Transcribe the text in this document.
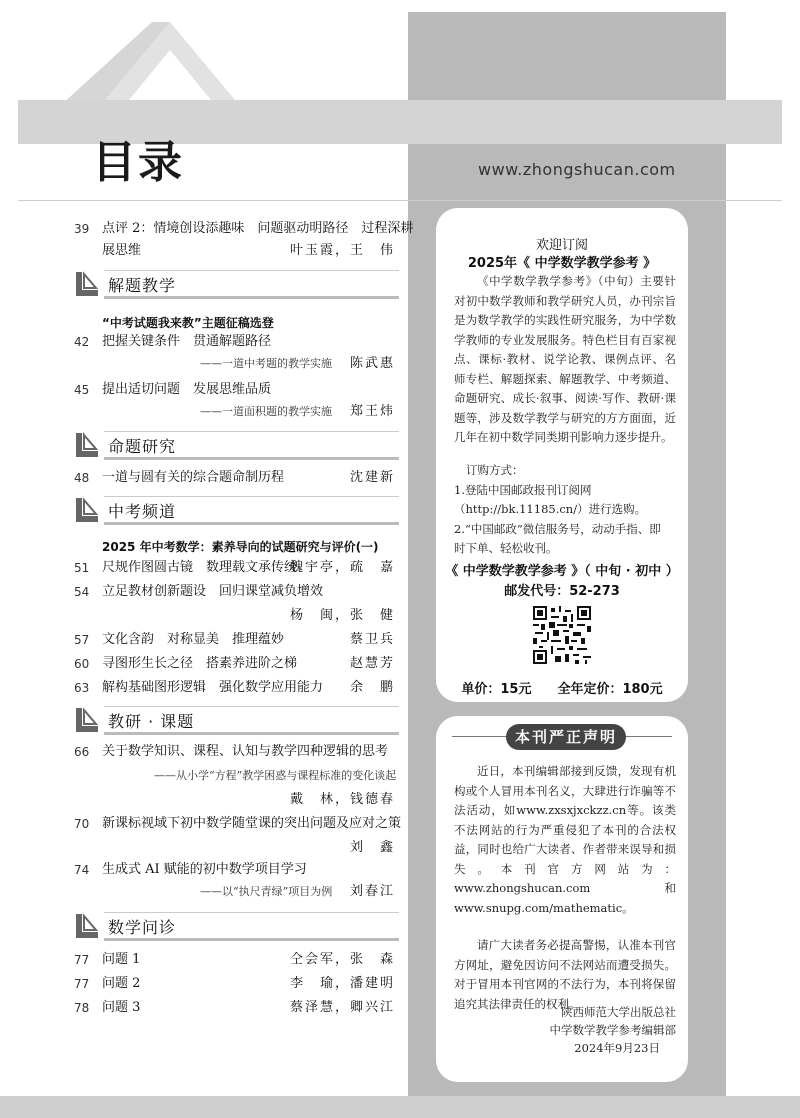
目录	www.zhongshucan.com
39 点评 2：情境创设添趣味　问题驱动明路径　过程深耕
展思维	叶玉霞，王　伟
解题教学
“中考试题我来教”主题征稿选登
42 把握关键条件　贯通解题路径
——一道中考题的教学实施 陈武惠
45 提出适切问题　发展思维品质
——一道面积题的教学实施 郑王炜
命题研究
48 一道与圆有关的综合题命制历程	沈建新
中考频道
2025 年中考数学：素养导向的试题研究与评价(一)
51 尺规作图圆古镜　数理载文承传统
魏宇亭，疏　嘉
54 立足教材创新题设　回归课堂减负增效
杨　闽，张　健
57 文化含韵　对称显美　推理蕴妙	蔡卫兵
60 寻图形生长之径　搭素养进阶之梯	赵慧芳
63 解构基础图形逻辑　强化数学应用能力 余　鹏
教研 · 课题
66 关于数学知识、课程、认知与教学四种逻辑的思考
——从小学“方程”教学困惑与课程标准的变化谈起
戴　林，钱德春
70 新课标视域下初中数学随堂课的突出问题及应对之策
刘　鑫
74 生成式 AI 赋能的初中数学项目学习
——以“执尺青绿”项目为例 刘春江
数学问诊
77 问题 1	仝会军，张　森
77 问题 2	李　瑜，潘建明
78 问题 3	蔡泽慧，卿兴江
欢迎订阅
2025年《 中学数学教学参考 》
《中学数学教学参考》（中旬）主要针对初中数学教师和教学研究人员，办刊宗旨是为数学教学的实践性研究服务，为中学数学教师的专业发展服务。特色栏目有百家视点、课标·教材、说学论教、课例点评、名师专栏、解题探索、解题教学、中考频道、命题研究、成长·叙事、阅读·写作、教研·课题等，涉及数学教学与研究的方方面面，近几年在初中数学同类期刊影响力逐步提升。
订购方式：
1.登陆中国邮政报刊订阅网
（http://bk.11185.cn/）进行选购。
2.“中国邮政”微信服务号，动动手指、即
时下单、轻松收刊。
《 中学数学教学参考 》（ 中旬 · 初中 ）
邮发代号：52-273
单价：15元　　全年定价：180元
近日，本刊编辑部接到反馈，发现有机构或个人冒用本刊名义，大肆进行诈骗等不法活动，如www.zxsxjxckzz.cn等。该类不法网站的行为严重侵犯了本刊的合法权益，同时也给广大读者、作者带来误导和损失。本刊官方网站为：www.zhongshucan.com 和 www.snupg.com/mathematic。
请广大读者务必提高警惕，认准本刊官方网址，避免因访问不法网站而遭受损失。对于冒用本刊官网的不法行为，本刊将保留追究其法律责任的权利。
本刊严正声明
陕西师范大学出版总社
中学数学教学参考编辑部
2024年9月23日
